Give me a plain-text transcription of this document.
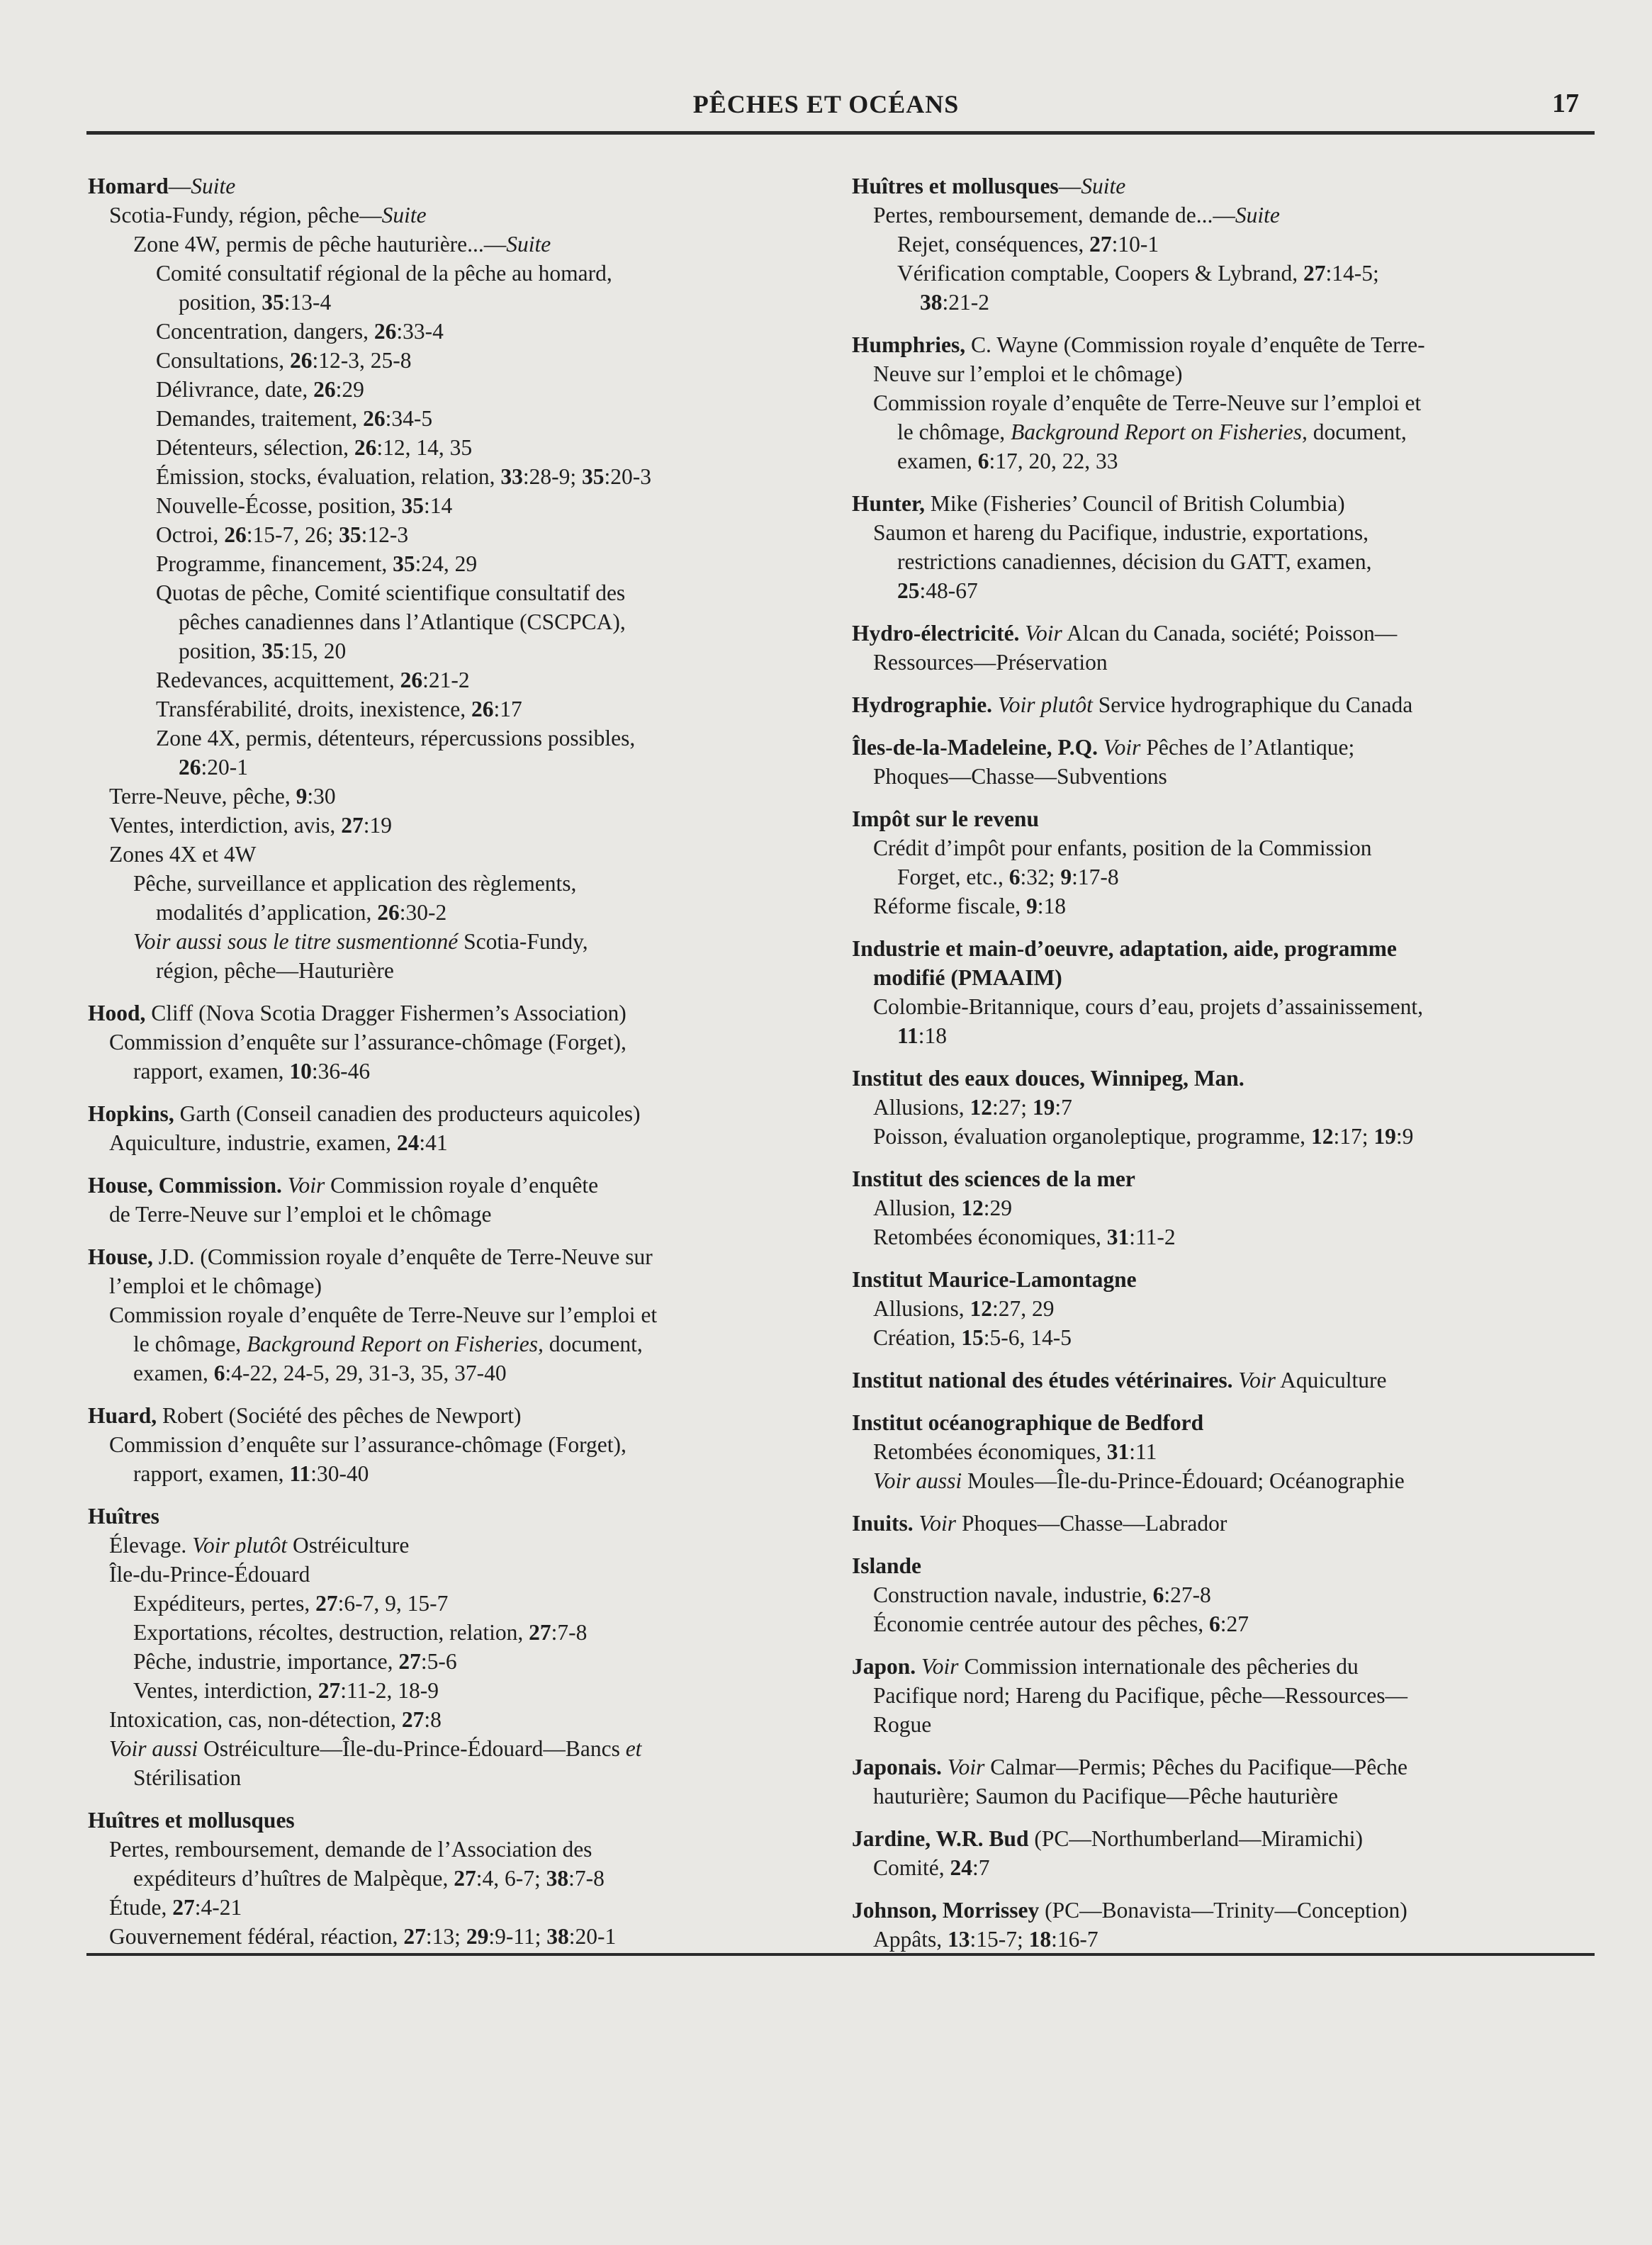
PÊCHES ET OCÉANS	17
Homard—Suite
Scotia-Fundy, région, pêche—Suite
Zone 4W, permis de pêche hauturière...—Suite
Comité consultatif régional de la pêche au homard,
position, 35:13-4
Concentration, dangers, 26:33-4
Consultations, 26:12-3, 25-8
Délivrance, date, 26:29
Demandes, traitement, 26:34-5
Détenteurs, sélection, 26:12, 14, 35
Émission, stocks, évaluation, relation, 33:28-9; 35:20-3
Nouvelle-Écosse, position, 35:14
Octroi, 26:15-7, 26; 35:12-3
Programme, financement, 35:24, 29
Quotas de pêche, Comité scientifique consultatif des
pêches canadiennes dans l’Atlantique (CSCPCA),
position, 35:15, 20
Redevances, acquittement, 26:21-2
Transférabilité, droits, inexistence, 26:17
Zone 4X, permis, détenteurs, répercussions possibles,
26:20-1
Terre-Neuve, pêche, 9:30
Ventes, interdiction, avis, 27:19
Zones 4X et 4W
Pêche, surveillance et application des règlements,
modalités d’application, 26:30-2
Voir aussi sous le titre susmentionné Scotia-Fundy,
région, pêche—Hauturière
Hood, Cliff (Nova Scotia Dragger Fishermen’s Association)
Commission d’enquête sur l’assurance-chômage (Forget),
rapport, examen, 10:36-46
Hopkins, Garth (Conseil canadien des producteurs aquicoles)
Aquiculture, industrie, examen, 24:41
House, Commission. Voir Commission royale d’enquête
de Terre-Neuve sur l’emploi et le chômage
House, J.D. (Commission royale d’enquête de Terre-Neuve sur
l’emploi et le chômage)
Commission royale d’enquête de Terre-Neuve sur l’emploi et
le chômage, Background Report on Fisheries, document,
examen, 6:4-22, 24-5, 29, 31-3, 35, 37-40
Huard, Robert (Société des pêches de Newport)
Commission d’enquête sur l’assurance-chômage (Forget),
rapport, examen, 11:30-40
Huîtres
Élevage. Voir plutôt Ostréiculture
Île-du-Prince-Édouard
Expéditeurs, pertes, 27:6-7, 9, 15-7
Exportations, récoltes, destruction, relation, 27:7-8
Pêche, industrie, importance, 27:5-6
Ventes, interdiction, 27:11-2, 18-9
Intoxication, cas, non-détection, 27:8
Voir aussi Ostréiculture—Île-du-Prince-Édouard—Bancs et
Stérilisation
Huîtres et mollusques
Pertes, remboursement, demande de l’Association des
expéditeurs d’huîtres de Malpèque, 27:4, 6-7; 38:7-8
Étude, 27:4-21
Gouvernement fédéral, réaction, 27:13; 29:9-11; 38:20-1
Huîtres et mollusques—Suite
Pertes, remboursement, demande de...—Suite
Rejet, conséquences, 27:10-1
Vérification comptable, Coopers & Lybrand, 27:14-5;
38:21-2
Humphries, C. Wayne (Commission royale d’enquête de Terre-
Neuve sur l’emploi et le chômage)
Commission royale d’enquête de Terre-Neuve sur l’emploi et
le chômage, Background Report on Fisheries, document,
examen, 6:17, 20, 22, 33
Hunter, Mike (Fisheries’ Council of British Columbia)
Saumon et hareng du Pacifique, industrie, exportations,
restrictions canadiennes, décision du GATT, examen,
25:48-67
Hydro-électricité. Voir Alcan du Canada, société; Poisson—
Ressources—Préservation
Hydrographie. Voir plutôt Service hydrographique du Canada
Îles-de-la-Madeleine, P.Q. Voir Pêches de l’Atlantique;
Phoques—Chasse—Subventions
Impôt sur le revenu
Crédit d’impôt pour enfants, position de la Commission
Forget, etc., 6:32; 9:17-8
Réforme fiscale, 9:18
Industrie et main-d’oeuvre, adaptation, aide, programme
modifié (PMAAIM)
Colombie-Britannique, cours d’eau, projets d’assainissement,
11:18
Institut des eaux douces, Winnipeg, Man.
Allusions, 12:27; 19:7
Poisson, évaluation organoleptique, programme, 12:17; 19:9
Institut des sciences de la mer
Allusion, 12:29
Retombées économiques, 31:11-2
Institut Maurice-Lamontagne
Allusions, 12:27, 29
Création, 15:5-6, 14-5
Institut national des études vétérinaires. Voir Aquiculture
Institut océanographique de Bedford
Retombées économiques, 31:11
Voir aussi Moules—Île-du-Prince-Édouard; Océanographie
Inuits. Voir Phoques—Chasse—Labrador
Islande
Construction navale, industrie, 6:27-8
Économie centrée autour des pêches, 6:27
Japon. Voir Commission internationale des pêcheries du
Pacifique nord; Hareng du Pacifique, pêche—Ressources—
Rogue
Japonais. Voir Calmar—Permis; Pêches du Pacifique—Pêche
hauturière; Saumon du Pacifique—Pêche hauturière
Jardine, W.R. Bud (PC—Northumberland—Miramichi)
Comité, 24:7
Johnson, Morrissey (PC—Bonavista—Trinity—Conception)
Appâts, 13:15-7; 18:16-7
